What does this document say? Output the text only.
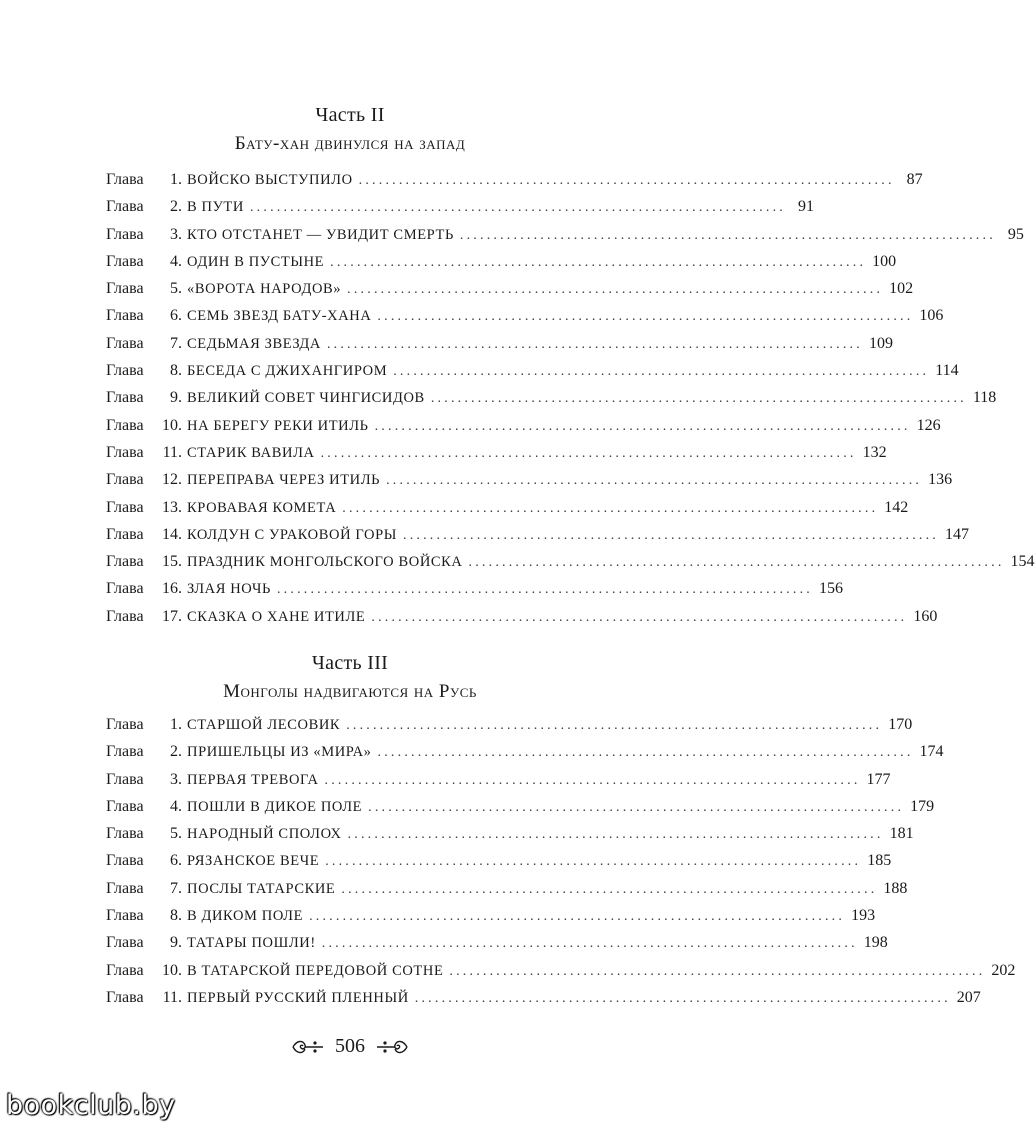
Часть II
Бату-хан двинулся на запад
Глава	1. ВОЙСКО ВЫСТУПИЛО ................................................................................ 87
Глава	2. В ПУТИ ................................................................................ 91
Глава	3. КТО ОТСТАНЕТ — УВИДИТ СМЕРТЬ ................................................................................ 95
Глава	4. ОДИН В ПУСТЫНЕ ................................................................................ 100
Глава	5. «ВОРОТА НАРОДОВ» ................................................................................ 102
Глава	6. СЕМЬ ЗВЕЗД БАТУ-ХАНА ................................................................................ 106
Глава	7. СЕДЬМАЯ ЗВЕЗДА ................................................................................ 109
Глава	8. БЕСЕДА С ДЖИХАНГИРОМ ................................................................................ 114
Глава	9. ВЕЛИКИЙ СОВЕТ ЧИНГИСИДОВ ................................................................................ 118
Глава	10. НА БЕРЕГУ РЕКИ ИТИЛЬ ................................................................................ 126
Глава	11. СТАРИК ВАВИЛА ................................................................................ 132
Глава	12. ПЕРЕПРАВА ЧЕРЕЗ ИТИЛЬ ................................................................................ 136
Глава	13. КРОВАВАЯ КОМЕТА ................................................................................ 142
Глава	14. КОЛДУН С УРАКОВОЙ ГОРЫ ................................................................................ 147
Глава	15. ПРАЗДНИК МОНГОЛЬСКОГО ВОЙСКА ................................................................................ 154
Глава	16. ЗЛАЯ НОЧЬ ................................................................................ 156
Глава	17. СКАЗКА О ХАНЕ ИТИЛЕ ................................................................................ 160
Часть III
Монголы надвигаются на Русь
Глава	1. СТАРШОЙ ЛЕСОВИК ................................................................................ 170
Глава	2. ПРИШЕЛЬЦЫ ИЗ «МИРА» ................................................................................ 174
Глава	3. ПЕРВАЯ ТРЕВОГА ................................................................................ 177
Глава	4. ПОШЛИ В ДИКОЕ ПОЛЕ ................................................................................ 179
Глава	5. НАРОДНЫЙ СПОЛОХ ................................................................................ 181
Глава	6. РЯЗАНСКОЕ ВЕЧЕ ................................................................................ 185
Глава	7. ПОСЛЫ ТАТАРСКИЕ ................................................................................ 188
Глава	8. В ДИКОМ ПОЛЕ ................................................................................ 193
Глава	9. ТАТАРЫ ПОШЛИ! ................................................................................ 198
Глава	10. В ТАТАРСКОЙ ПЕРЕДОВОЙ СОТНЕ ................................................................................ 202
Глава	11. ПЕРВЫЙ РУССКИЙ ПЛЕННЫЙ ................................................................................ 207
506
bookclub.by
